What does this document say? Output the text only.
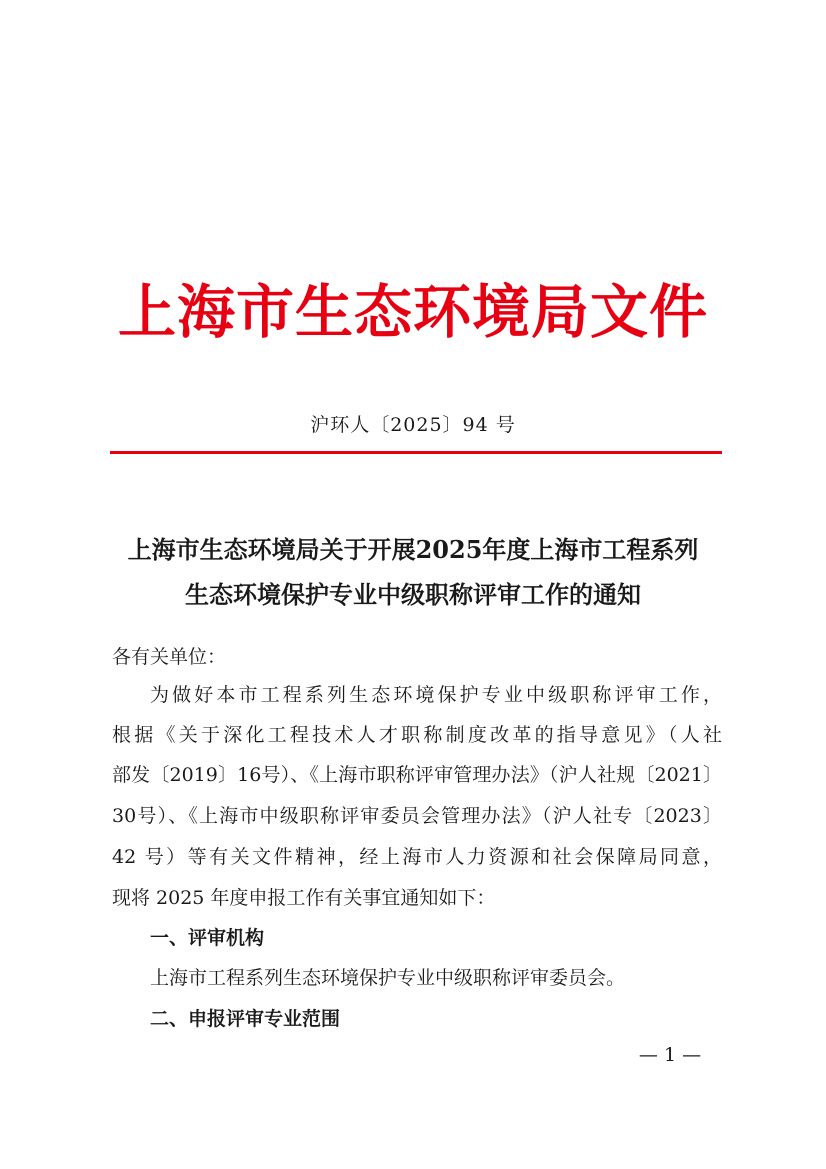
上海市生态环境局文件
沪环人〔2025〕94 号
上海市生态环境局关于开展2025年度上海市工程系列
生态环境保护专业中级职称评审工作的通知
各有关单位：
为做好本市工程系列生态环境保护专业中级职称评审工作，
根据《关于深化工程技术人才职称制度改革的指导意见》（人社
部发〔2019〕16号）、《上海市职称评审管理办法》（沪人社规〔2021〕
30号）、《上海市中级职称评审委员会管理办法》（沪人社专〔2023〕
42 号）等有关文件精神，经上海市人力资源和社会保障局同意，
现将 2025 年度申报工作有关事宜通知如下：
一、评审机构
上海市工程系列生态环境保护专业中级职称评审委员会。
二、申报评审专业范围
— 1 —
